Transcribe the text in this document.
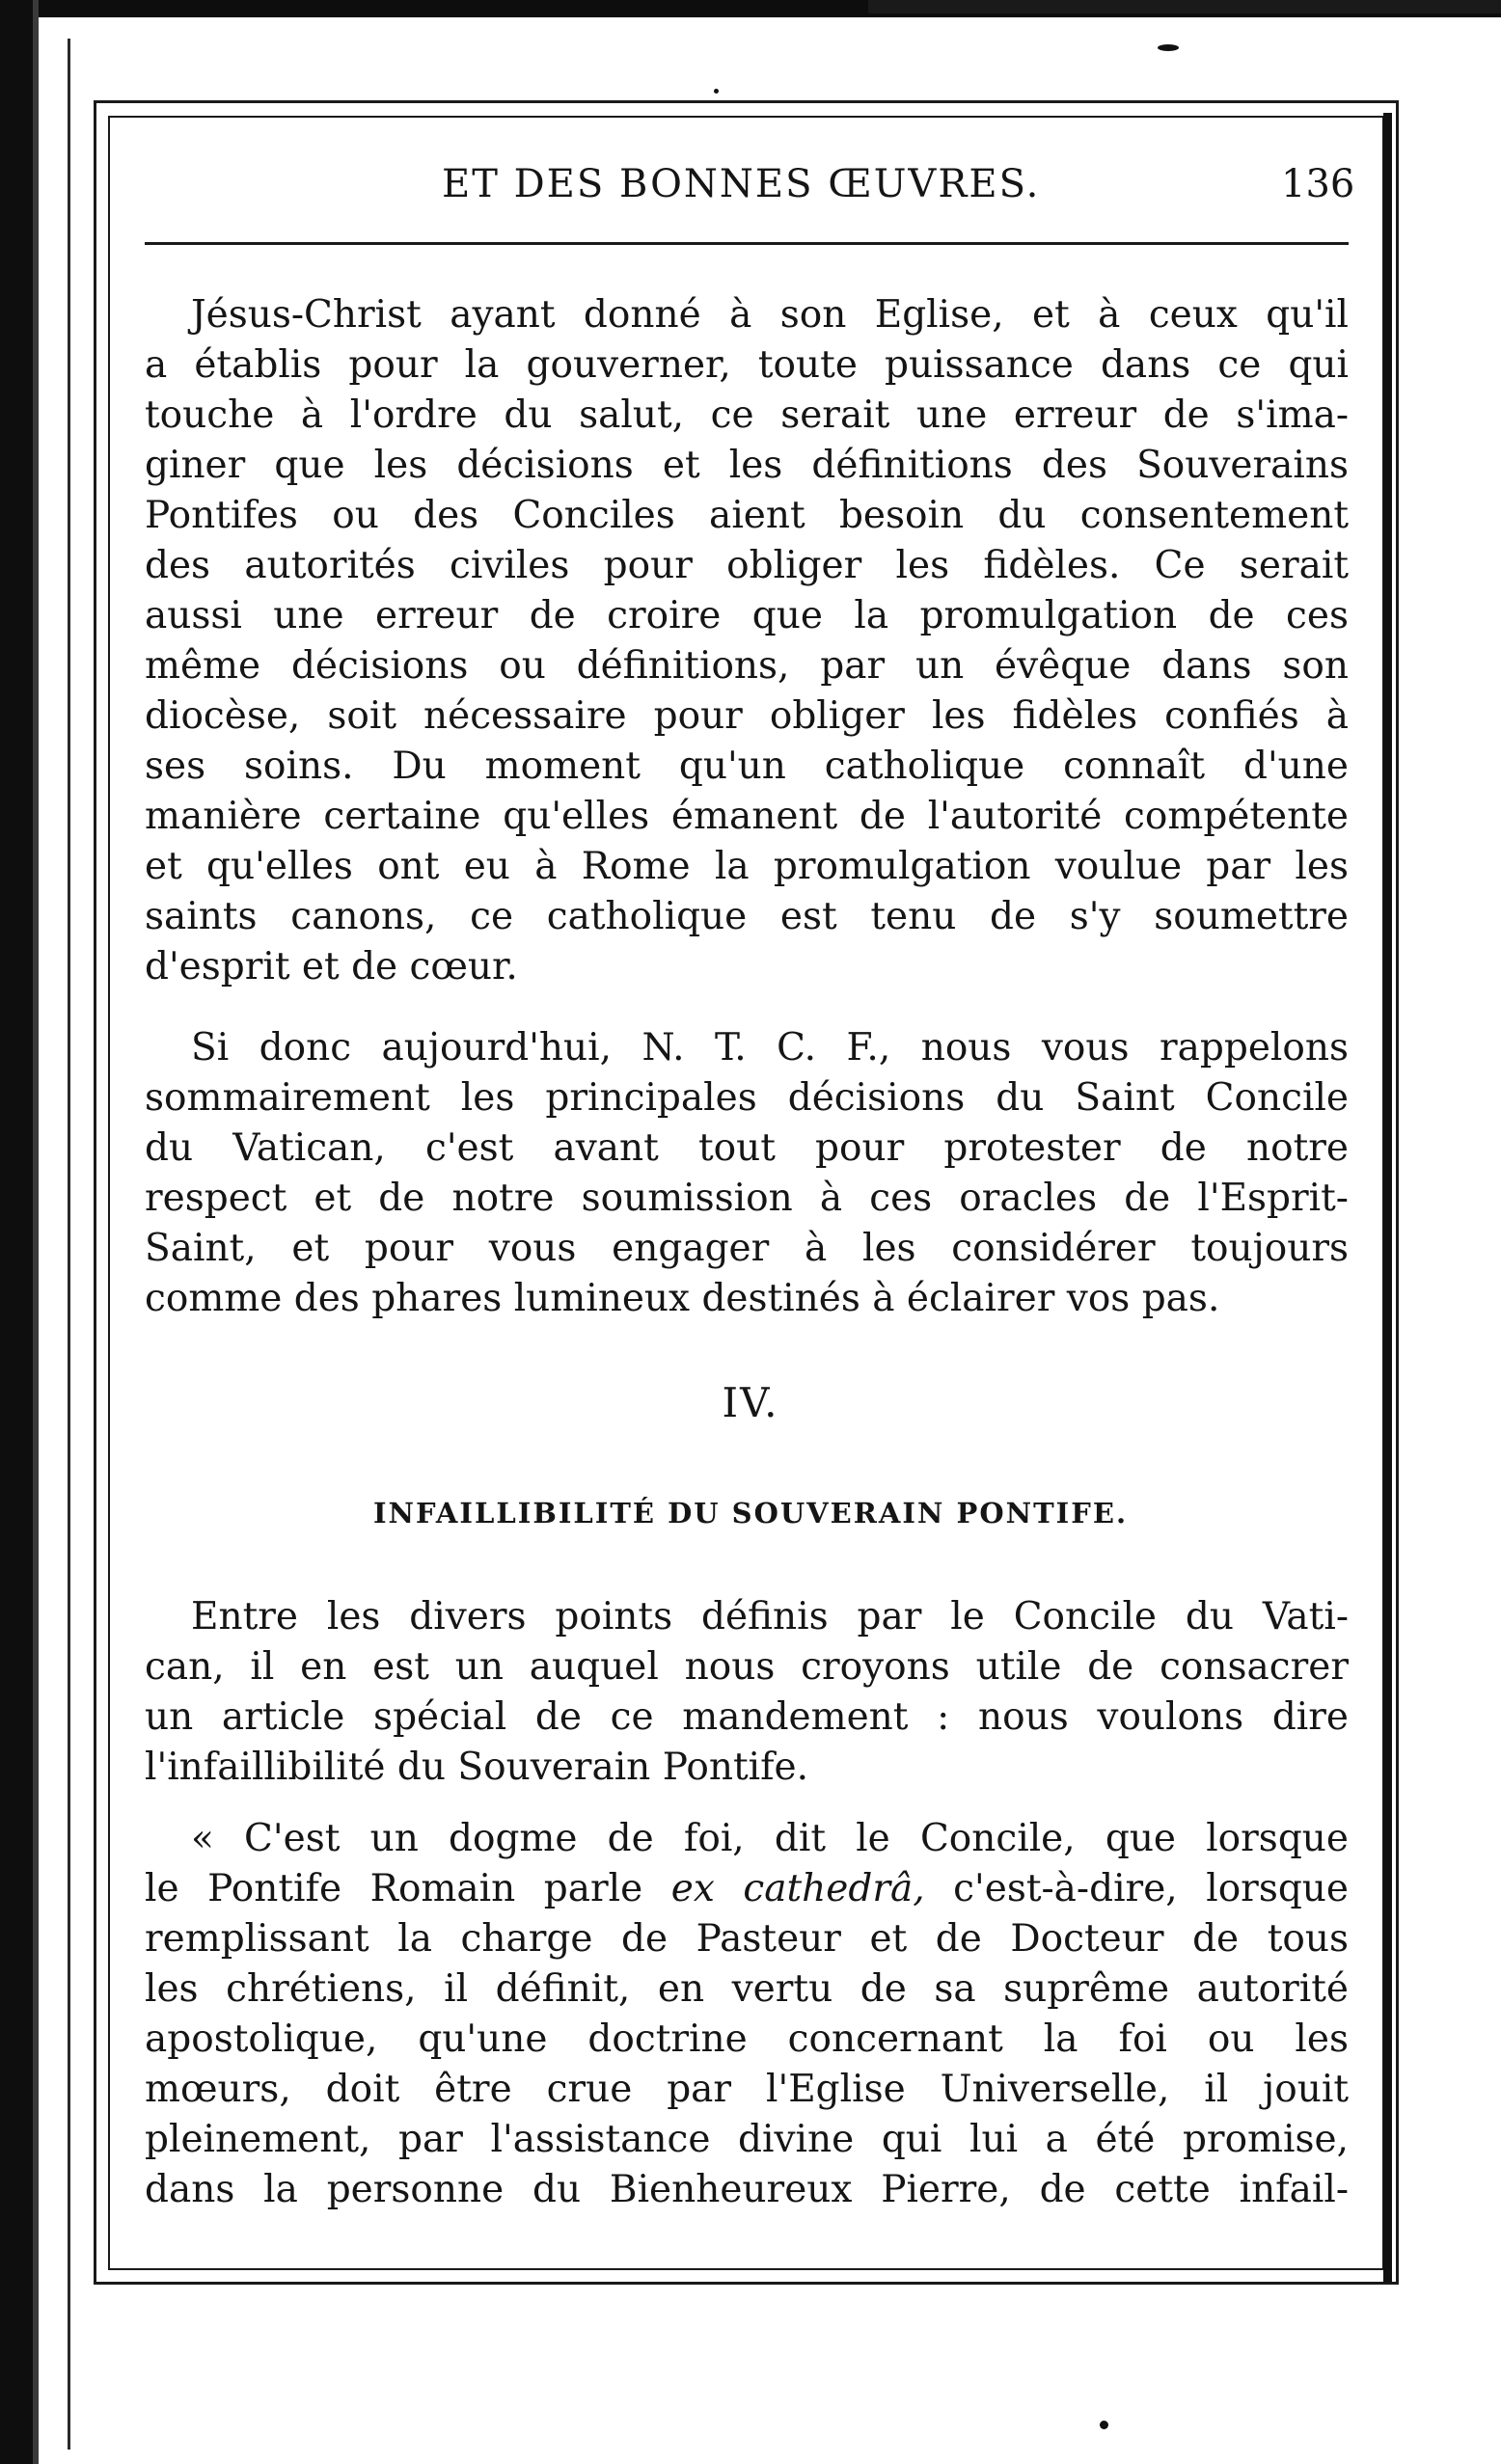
ET DES BONNES ŒUVRES.	136
Jésus-Christ ayant donné à son Eglise, et à ceux qu'il
a établis pour la gouverner, toute puissance dans ce qui
touche à l'ordre du salut, ce serait une erreur de s'ima-
giner que les décisions et les définitions des Souverains
Pontifes ou des Conciles aient besoin du consentement
des autorités civiles pour obliger les fidèles. Ce serait
aussi une erreur de croire que la promulgation de ces
même décisions ou définitions, par un évêque dans son
diocèse, soit nécessaire pour obliger les fidèles confiés à
ses soins. Du moment qu'un catholique connaît d'une
manière certaine qu'elles émanent de l'autorité compétente
et qu'elles ont eu à Rome la promulgation voulue par les
saints canons, ce catholique est tenu de s'y soumettre
d'esprit et de cœur.
Si donc aujourd'hui, N. T. C. F., nous vous rappelons
sommairement les principales décisions du Saint Concile
du Vatican, c'est avant tout pour protester de notre
respect et de notre soumission à ces oracles de l'Esprit-
Saint, et pour vous engager à les considérer toujours
comme des phares lumineux destinés à éclairer vos pas.
IV.
INFAILLIBILITÉ DU SOUVERAIN PONTIFE.
Entre les divers points définis par le Concile du Vati-
can, il en est un auquel nous croyons utile de consacrer
un article spécial de ce mandement : nous voulons dire
l'infaillibilité du Souverain Pontife.
« C'est un dogme de foi, dit le Concile, que lorsque
le Pontife Romain parle ex cathedrâ, c'est-à-dire, lorsque
remplissant la charge de Pasteur et de Docteur de tous
les chrétiens, il définit, en vertu de sa suprême autorité
apostolique, qu'une doctrine concernant la foi ou les
mœurs, doit être crue par l'Eglise Universelle, il jouit
pleinement, par l'assistance divine qui lui a été promise,
dans la personne du Bienheureux Pierre, de cette infail-
